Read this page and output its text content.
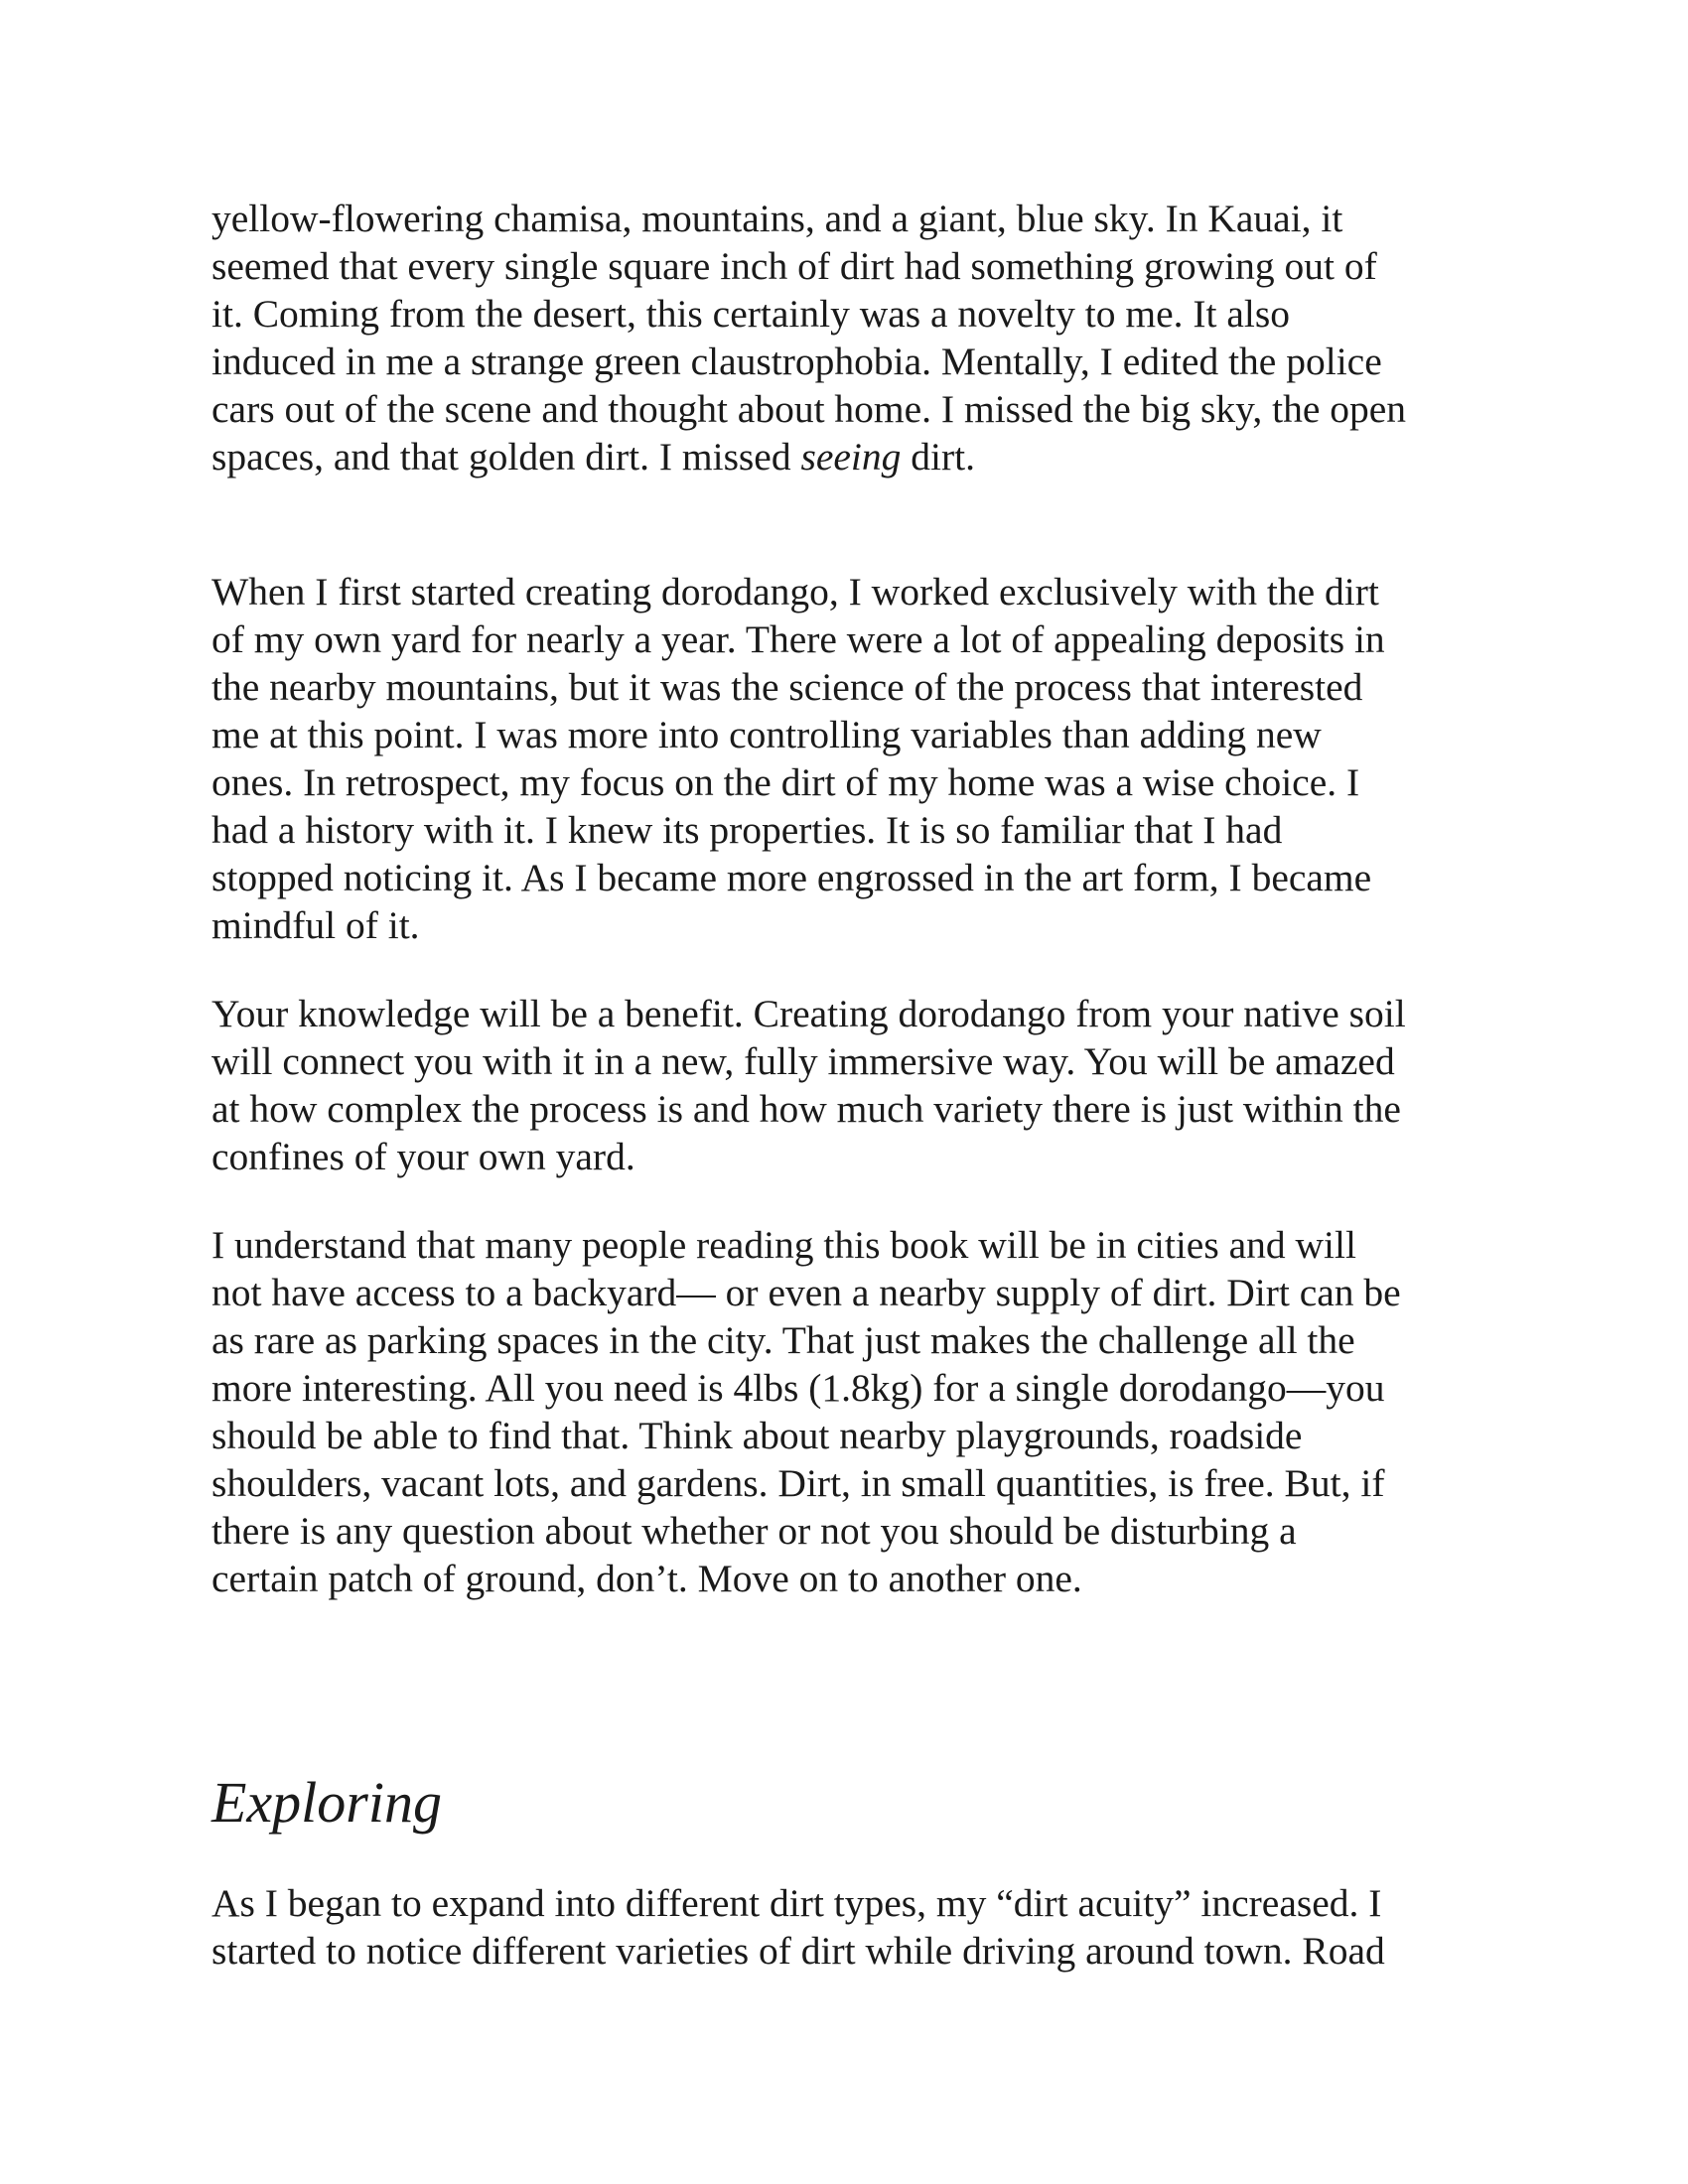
yellow-flowering chamisa, mountains, and a giant, blue sky. In Kauai, it
seemed that every single square inch of dirt had something growing out of
it. Coming from the desert, this certainly was a novelty to me. It also
induced in me a strange green claustrophobia. Mentally, I edited the police
cars out of the scene and thought about home. I missed the big sky, the open
spaces, and that golden dirt. I missed seeing dirt.

When I first started creating dorodango, I worked exclusively with the dirt
of my own yard for nearly a year. There were a lot of appealing deposits in
the nearby mountains, but it was the science of the process that interested
me at this point. I was more into controlling variables than adding new
ones. In retrospect, my focus on the dirt of my home was a wise choice. I
had a history with it. I knew its properties. It is so familiar that I had
stopped noticing it. As I became more engrossed in the art form, I became
mindful of it.

Your knowledge will be a benefit. Creating dorodango from your native soil
will connect you with it in a new, fully immersive way. You will be amazed
at how complex the process is and how much variety there is just within the
confines of your own yard.

I understand that many people reading this book will be in cities and will
not have access to a backyard— or even a nearby supply of dirt. Dirt can be
as rare as parking spaces in the city. That just makes the challenge all the
more interesting. All you need is 4lbs (1.8kg) for a single dorodango—you
should be able to find that. Think about nearby playgrounds, roadside
shoulders, vacant lots, and gardens. Dirt, in small quantities, is free. But, if
there is any question about whether or not you should be disturbing a
certain patch of ground, don’t. Move on to another one.

Exploring

As I began to expand into different dirt types, my “dirt acuity” increased. I
started to notice different varieties of dirt while driving around town. Road
